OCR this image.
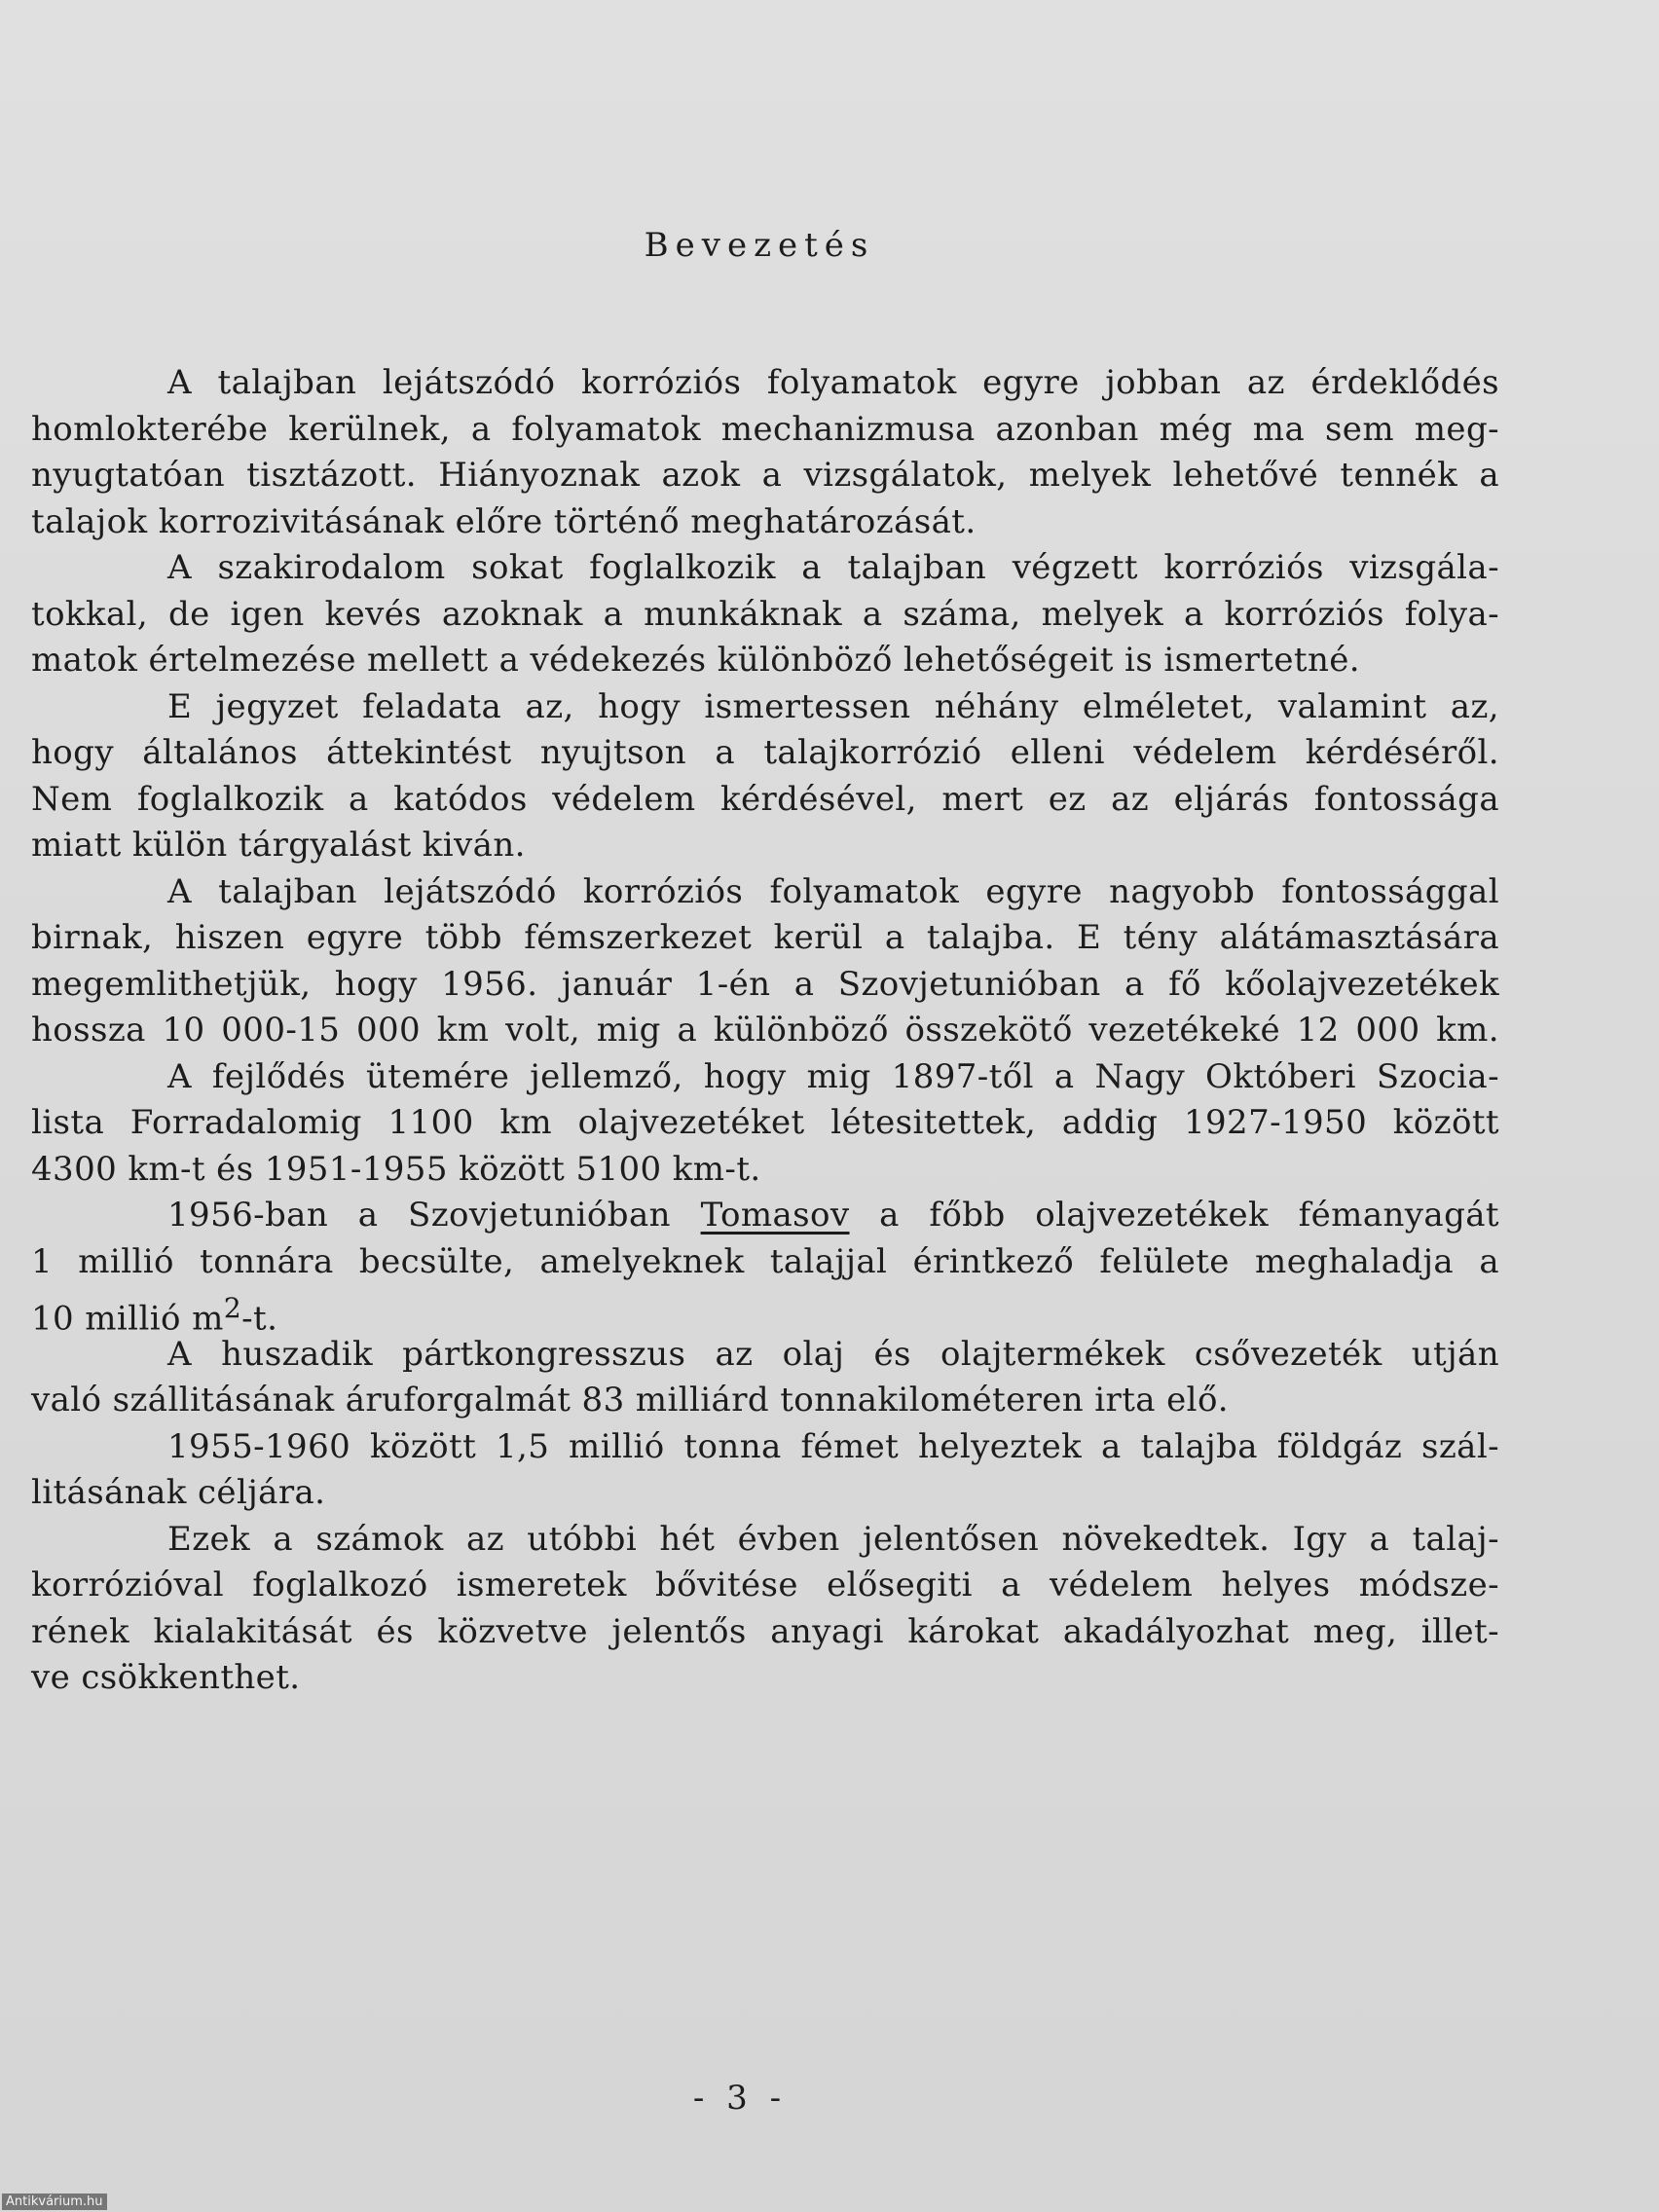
Bevezetés
A talajban lejátszódó korróziós folyamatok egyre jobban az érdeklődés
homlokterébe kerülnek, a folyamatok mechanizmusa azonban még ma sem meg-
nyugtatóan tisztázott. Hiányoznak azok a vizsgálatok, melyek lehetővé tennék a
talajok korrozivitásának előre történő meghatározását.
A szakirodalom sokat foglalkozik a talajban végzett korróziós vizsgála-
tokkal, de igen kevés azoknak a munkáknak a száma, melyek a korróziós folya-
matok értelmezése mellett a védekezés különböző lehetőségeit is ismertetné.
E jegyzet feladata az, hogy ismertessen néhány elméletet, valamint az,
hogy általános áttekintést nyujtson a talajkorrózió elleni védelem kérdéséről.
Nem foglalkozik a katódos védelem kérdésével, mert ez az eljárás fontossága
miatt külön tárgyalást kiván.
A talajban lejátszódó korróziós folyamatok egyre nagyobb fontossággal
birnak, hiszen egyre több fémszerkezet kerül a talajba. E tény alátámasztására
megemlithetjük, hogy 1956. január 1-én a Szovjetunióban a fő kőolajvezetékek
hossza 10 000-15 000 km volt, mig a különböző összekötő vezetékeké 12 000 km.
A fejlődés ütemére jellemző, hogy mig 1897-től a Nagy Októberi Szocia-
lista Forradalomig 1100 km olajvezetéket létesitettek, addig 1927-1950 között
4300 km-t és 1951-1955 között 5100 km-t.
1956-ban a Szovjetunióban Tomasov a főbb olajvezetékek fémanyagát
1 millió tonnára becsülte, amelyeknek talajjal érintkező felülete meghaladja a
10 millió $m^2-t$.
A huszadik pártkongresszus az olaj és olajtermékek csővezeték utján
való szállitásának áruforgalmát 83 milliárd tonnakilométeren irta elő.
1955-1960 között 1,5 millió tonna fémet helyeztek a talajba földgáz szál-
litásának céljára.
Ezek a számok az utóbbi hét évben jelentősen növekedtek. Igy a talaj-
korrózióval foglalkozó ismeretek bővitése elősegiti a védelem helyes módsze-
rének kialakitását és közvetve jelentős anyagi károkat akadályozhat meg, illet-
ve csökkenthet.
- 3 -
Antikvárium.hu
